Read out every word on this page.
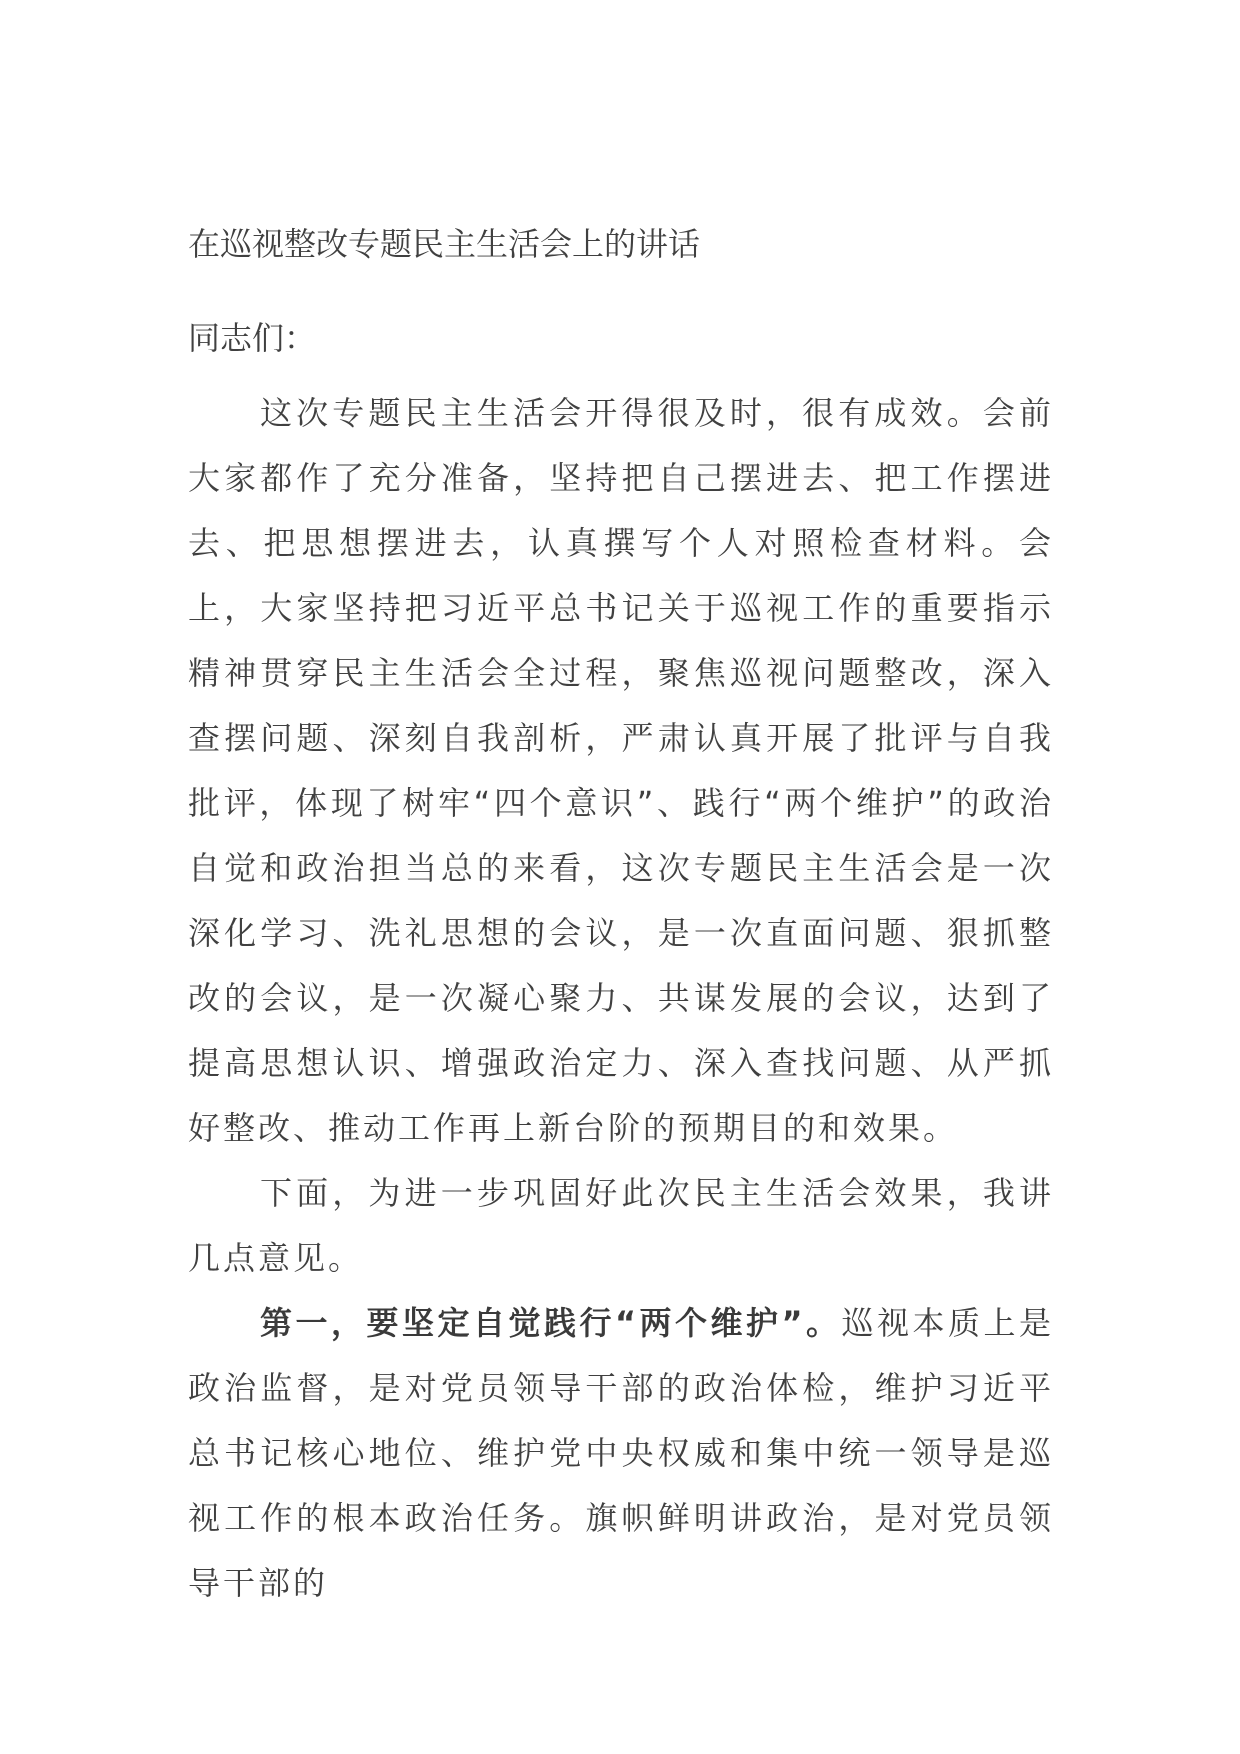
在巡视整改专题民主生活会上的讲话
同志们：

这次专题民主生活会开得很及时，很有成效。会前大家都作了充分准备，坚持把自己摆进去、把工作摆进去、把思想摆进去，认真撰写个人对照检查材料。会上，大家坚持把习近平总书记关于巡视工作的重要指示精神贯穿民主生活会全过程，聚焦巡视问题整改，深入查摆问题、深刻自我剖析，严肃认真开展了批评与自我批评，体现了树牢“四个意识”、践行“两个维护”的政治自觉和政治担当总的来看，这次专题民主生活会是一次深化学习、洗礼思想的会议，是一次直面问题、狠抓整改的会议，是一次凝心聚力、共谋发展的会议，达到了提高思想认识、增强政治定力、深入查找问题、从严抓好整改、推动工作再上新台阶的预期目的和效果。

下面，为进一步巩固好此次民主生活会效果，我讲几点意见。

第一，要坚定自觉践行“两个维护”。巡视本质上是政治监督，是对党员领导干部的政治体检，维护习近平总书记核心地位、维护党中央权威和集中统一领导是巡视工作的根本政治任务。旗帜鲜明讲政治，是对党员领导干部的
